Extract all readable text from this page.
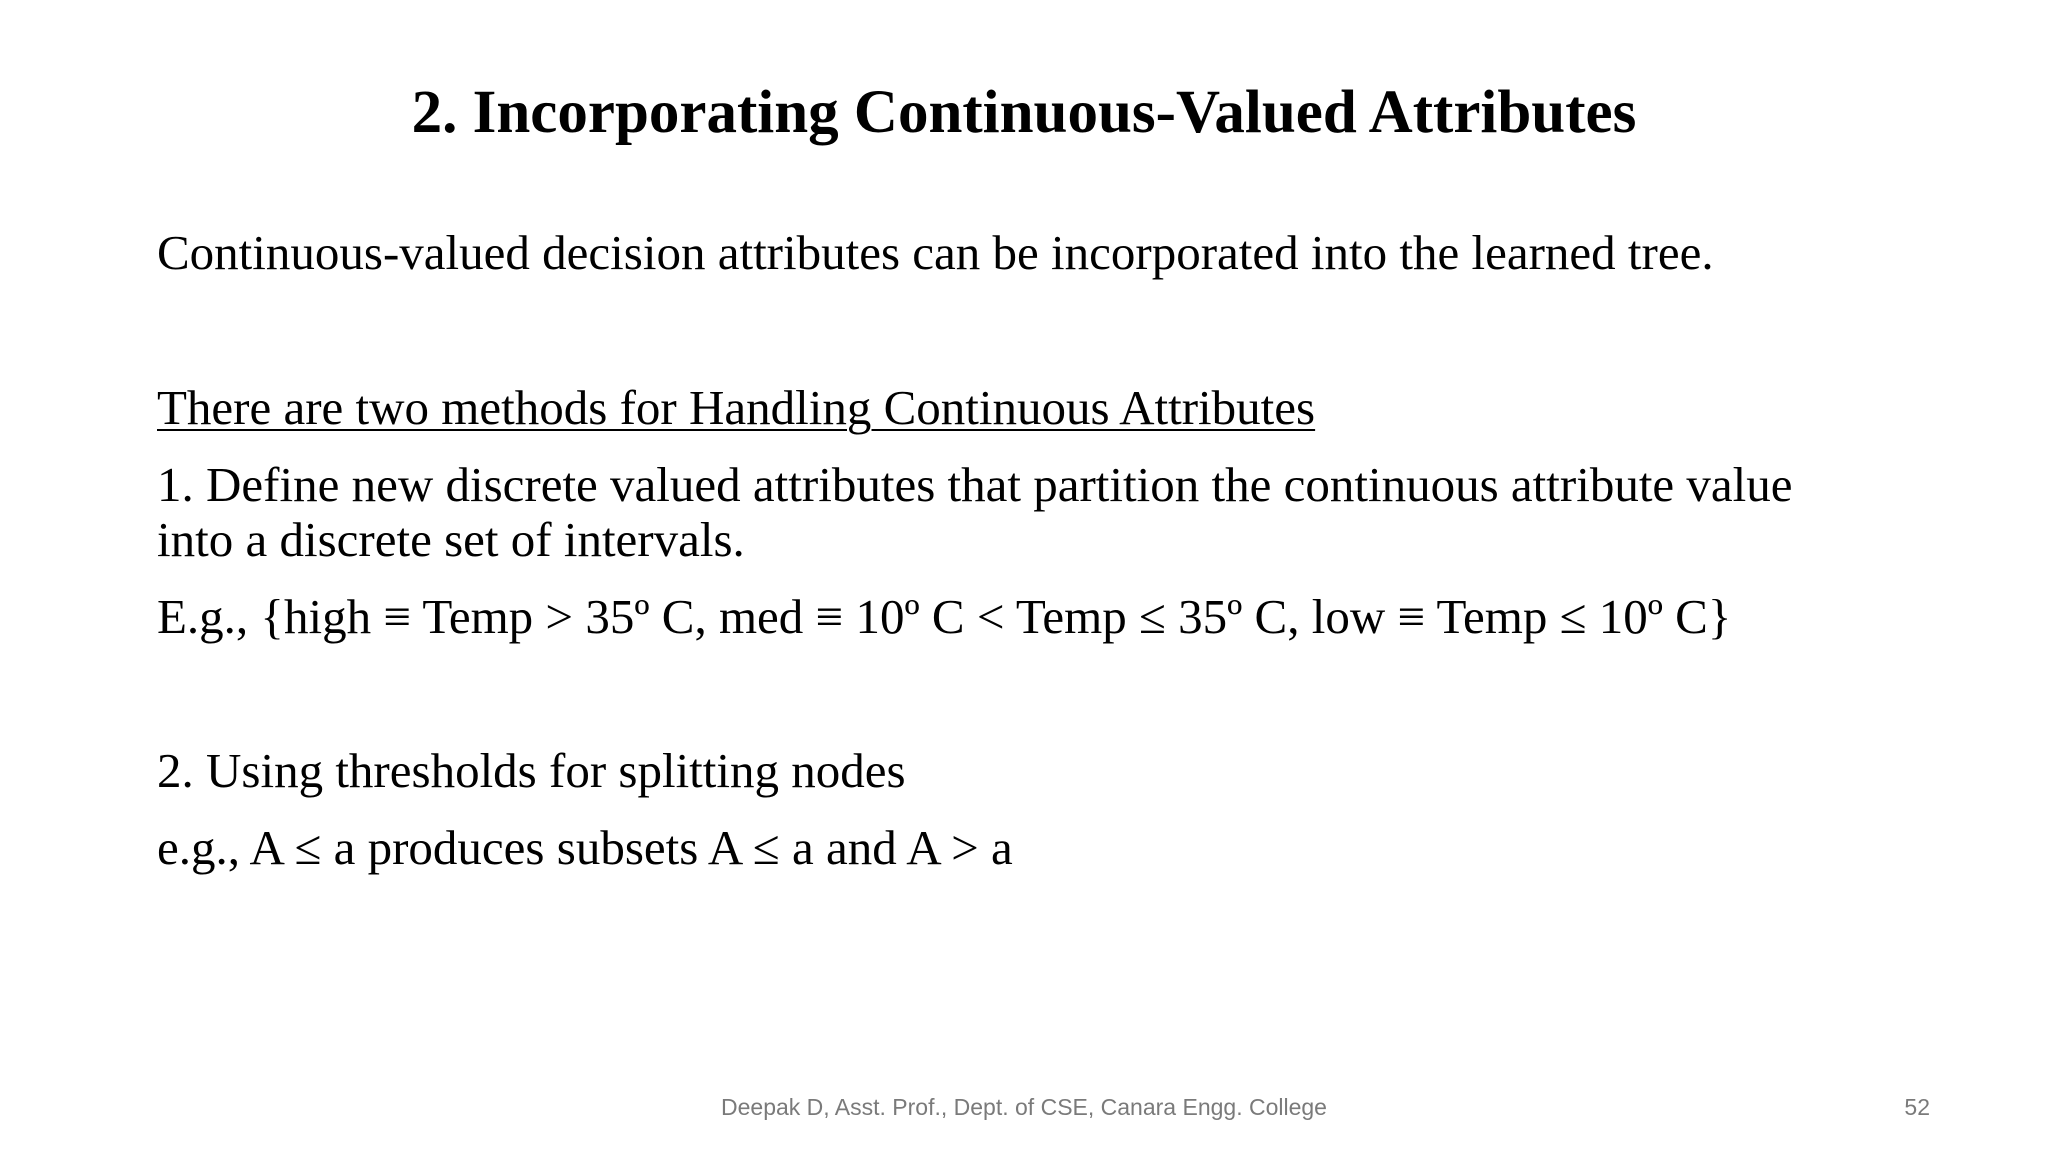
2. Incorporating Continuous-Valued Attributes
Continuous-valued decision attributes can be incorporated into the learned tree.
There are two methods for Handling Continuous Attributes
1. Define new discrete valued attributes that partition the continuous attribute value
into a discrete set of intervals.
E.g., {high ≡ Temp > 35º C, med ≡ 10º C < Temp ≤ 35º C, low ≡ Temp ≤ 10º C}
2. Using thresholds for splitting nodes
e.g., A ≤ a produces subsets A ≤ a and A > a
Deepak D, Asst. Prof., Dept. of CSE, Canara Engg. College	52
